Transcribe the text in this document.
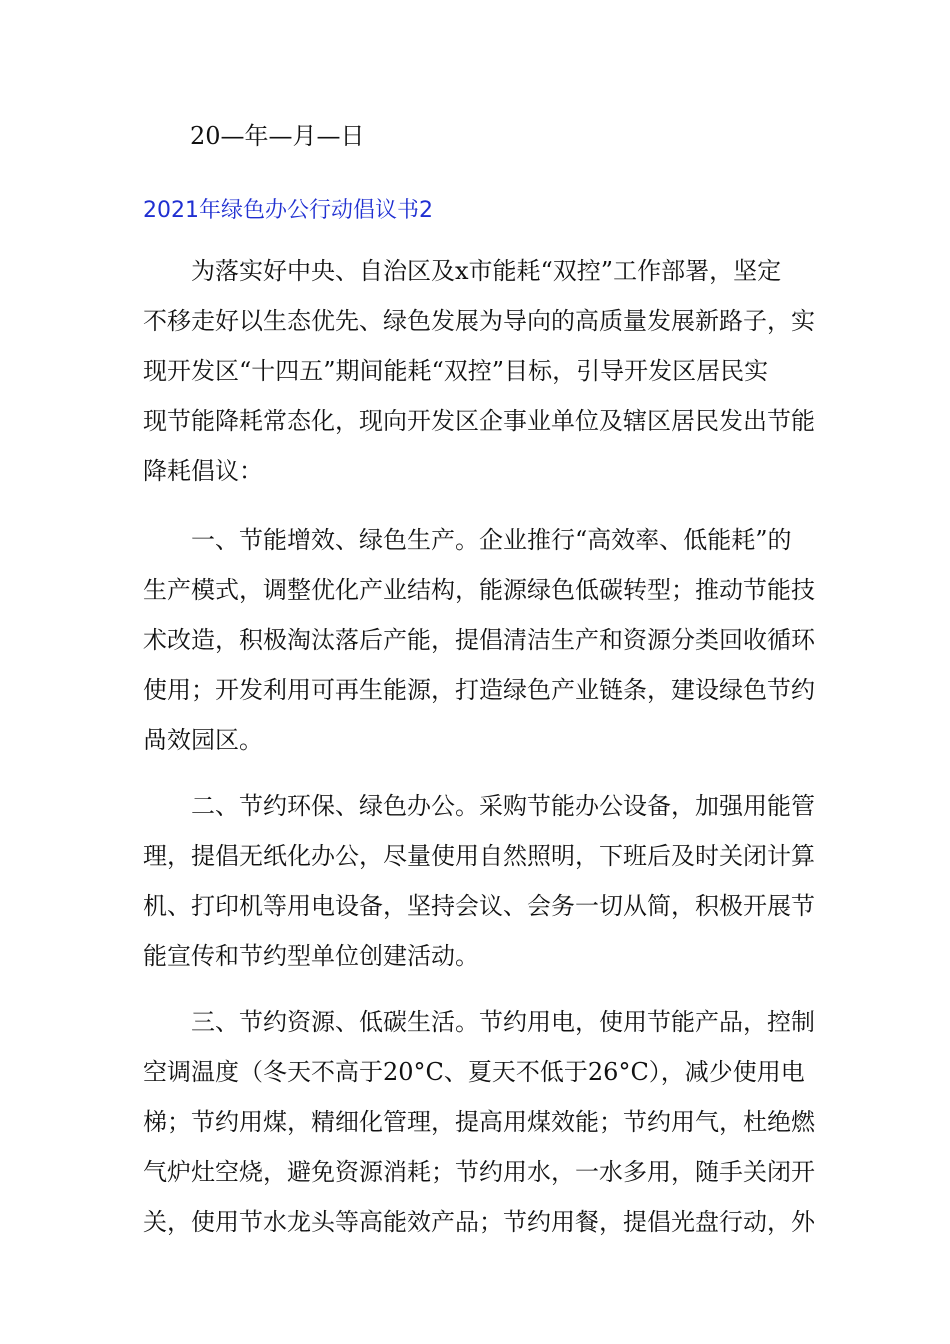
20—年—月—日
2021年绿色办公行动倡议书2
为落实好中央、自治区及x市能耗“双控”工作部署，坚定
不移走好以生态优先、绿色发展为导向的高质量发展新路子，实
现开发区“十四五”期间能耗“双控”目标，引导开发区居民实
现节能降耗常态化，现向开发区企事业单位及辖区居民发出节能
降耗倡议：
一、节能增效、绿色生产。企业推行“高效率、低能耗”的
生产模式，调整优化产业结构，能源绿色低碳转型；推动节能技
术改造，积极淘汰落后产能，提倡清洁生产和资源分类回收循环
使用；开发利用可再生能源，打造绿色产业链条，建设绿色节约
咼效园区。
二、节约环保、绿色办公。采购节能办公设备，加强用能管
理，提倡无纸化办公，尽量使用自然照明，下班后及时关闭计算
机、打印机等用电设备，坚持会议、会务一切从简，积极开展节
能宣传和节约型单位创建活动。
三、节约资源、低碳生活。节约用电，使用节能产品，控制
空调温度（冬天不高于20°C、夏天不低于26°C），减少使用电
梯；节约用煤，精细化管理，提高用煤效能；节约用气，杜绝燃
气炉灶空烧，避免资源消耗；节约用水，一水多用，随手关闭开
关，使用节水龙头等高能效产品；节约用餐，提倡光盘行动，外
